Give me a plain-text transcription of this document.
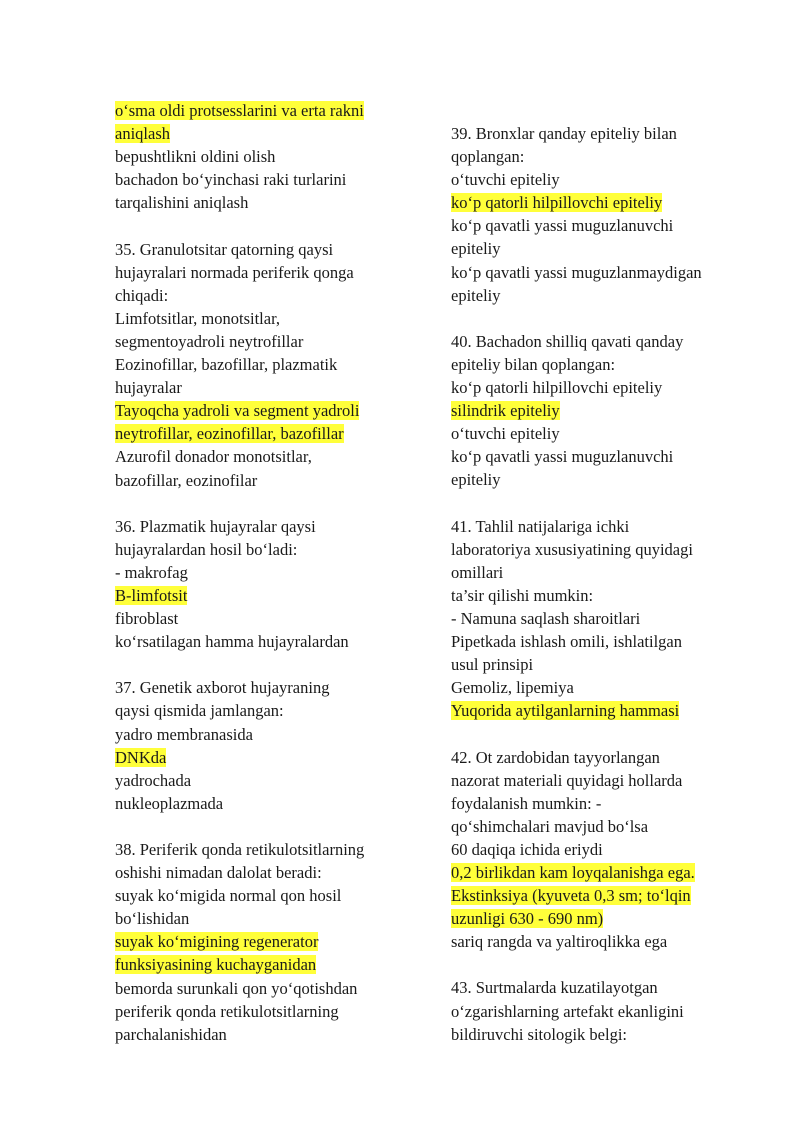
o‘sma oldi protsesslarini va erta rakni
aniqlash
bepushtlikni oldini olish
bachadon bo‘yinchasi raki turlarini
tarqalishini aniqlash
35. Granulotsitar qatorning qaysi
hujayralari normada periferik qonga
chiqadi:
Limfotsitlar, monotsitlar,
segmentoyadroli neytrofillar
Eozinofillar, bazofillar, plazmatik
hujayralar
Tayoqcha yadroli va segment yadroli
neytrofillar, eozinofillar, bazofillar
Azurofil donador monotsitlar,
bazofillar, eozinofilar
36. Plazmatik hujayralar qaysi
hujayralardan hosil bo‘ladi:
- makrofag
B-limfotsit
fibroblast
ko‘rsatilagan hamma hujayralardan
37. Genetik axborot hujayraning
qaysi qismida jamlangan:
yadro membranasida
DNKda
yadrochada
nukleoplazmada
38. Periferik qonda retikulotsitlarning
oshishi nimadan dalolat beradi:
suyak ko‘migida normal qon hosil
bo‘lishidan
suyak ko‘migining regenerator
funksiyasining kuchayganidan
bemorda surunkali qon yo‘qotishdan
periferik qonda retikulotsitlarning
parchalanishidan
39. Bronxlar qanday epiteliy bilan
qoplangan:
o‘tuvchi epiteliy
ko‘p qatorli hilpillovchi epiteliy
ko‘p qavatli yassi muguzlanuvchi
epiteliy
ko‘p qavatli yassi muguzlanmaydigan
epiteliy
40. Bachadon shilliq qavati qanday
epiteliy bilan qoplangan:
ko‘p qatorli hilpillovchi epiteliy
silindrik epiteliy
o‘tuvchi epiteliy
ko‘p qavatli yassi muguzlanuvchi
epiteliy
41. Tahlil natijalariga ichki
laboratoriya xususiyatining quyidagi
omillari
ta’sir qilishi mumkin:
- Namuna saqlash sharoitlari
Pipetkada ishlash omili, ishlatilgan
usul prinsipi
Gemoliz, lipemiya
Yuqorida aytilganlarning hammasi
42. Ot zardobidan tayyorlangan
nazorat materiali quyidagi hollarda
foydalanish mumkin: -
qo‘shimchalari mavjud bo‘lsa
60 daqiqa ichida eriydi
0,2 birlikdan kam loyqalanishga ega.
Ekstinksiya (kyuveta 0,3 sm; to‘lqin
uzunligi 630 - 690 nm)
sariq rangda va yaltiroqlikka ega
43. Surtmalarda kuzatilayotgan
o‘zgarishlarning artefakt ekanligini
bildiruvchi sitologik belgi:
